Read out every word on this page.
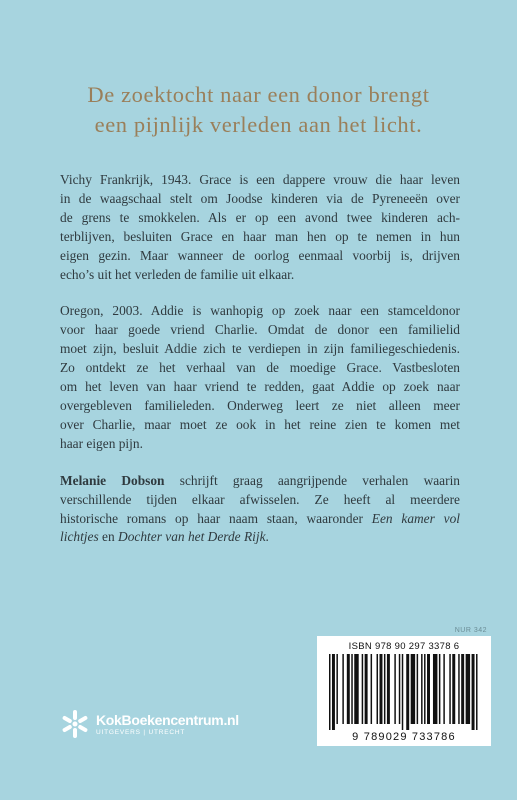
De zoektocht naar een donor brengt
een pijnlijk verleden aan het licht.

Vichy Frankrijk, 1943. Grace is een dappere vrouw die haar leven
in de waagschaal stelt om Joodse kinderen via de Pyreneeën over
de grens te smokkelen. Als er op een avond twee kinderen ach-
terblijven, besluiten Grace en haar man hen op te nemen in hun
eigen gezin. Maar wanneer de oorlog eenmaal voorbij is, drijven
echo’s uit het verleden de familie uit elkaar.

Oregon, 2003. Addie is wanhopig op zoek naar een stamceldonor
voor haar goede vriend Charlie. Omdat de donor een familielid
moet zijn, besluit Addie zich te verdiepen in zijn familiegeschiedenis.
Zo ontdekt ze het verhaal van de moedige Grace. Vastbesloten
om het leven van haar vriend te redden, gaat Addie op zoek naar
overgebleven familieleden. Onderweg leert ze niet alleen meer
over Charlie, maar moet ze ook in het reine zien te komen met
haar eigen pijn.

Melanie Dobson schrijft graag aangrijpende verhalen waarin
verschillende tijden elkaar afwisselen. Ze heeft al meerdere
historische romans op haar naam staan, waaronder Een kamer vol
lichtjes en Dochter van het Derde Rijk.

NUR 342
ISBN 978 90 297 3378 6
9 789029 733786
KokBoekencentrum.nl
UITGEVERS | UTRECHT
